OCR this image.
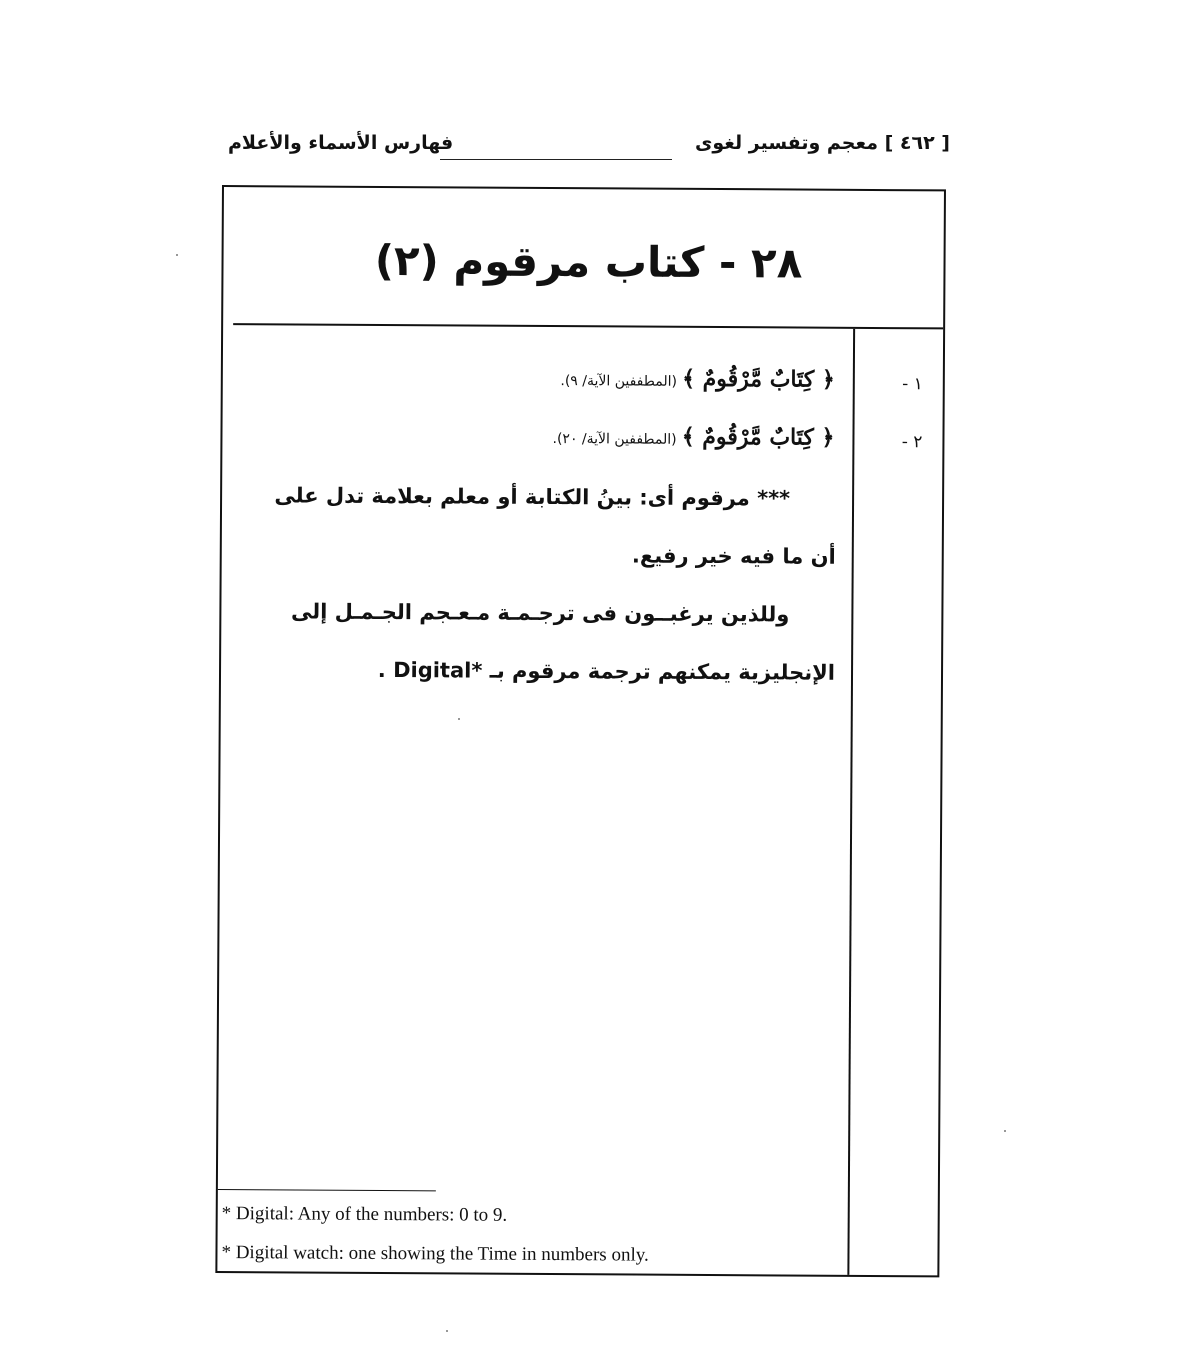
[ ٤٦٢ ] معجم وتفسير لغوى
فهارس الأسماء والأعلام
٢٨ - كتاب مرقوم (٢)
١ -
﴿ كِتَابٌ مَّرْقُومٌ ﴾ (المطففين الآية/ ٩).
٢ -
﴿ كِتَابٌ مَّرْقُومٌ ﴾ (المطففين الآية/ ٢٠).
*** مرقوم أى: بينُ الكتابة أو معلم بعلامة تدل على
أن ما فيه خير رفيع.
وللذين يرغبــون فى ترجـمـة مـعـجم الجـمـل إلى
الإنجليزية يمكنهم ترجمة مرقوم بـ *Digital .
* Digital: Any of the numbers: 0 to 9.
* Digital watch: one showing the Time in numbers only.
